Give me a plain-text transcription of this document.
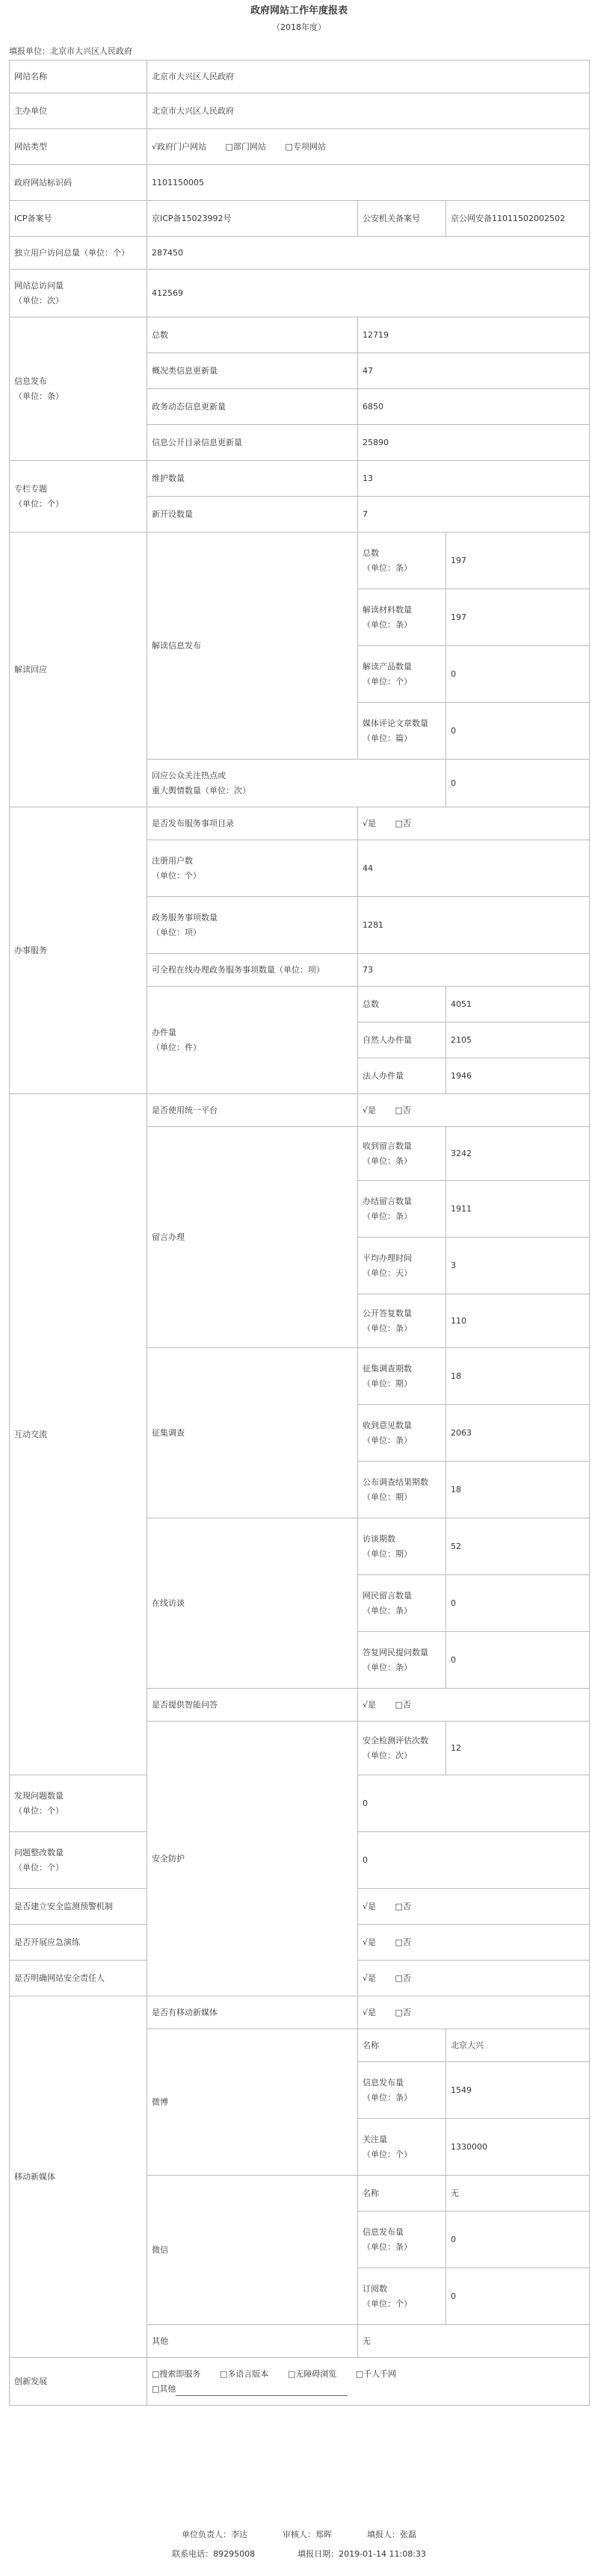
政府网站工作年度报表
（2018年度）
填报单位：北京市大兴区人民政府
网站名称	北京市大兴区人民政府		
主办单位	北京市大兴区人民政府		
网站类型	√政府门户网站 □部门网站 □专项网站		
政府网站标识码	1101150005		
ICP备案号	京ICP备15023992号	公安机关备案号	京公网安备11011502002502
独立用户访问总量（单位：个）	287450		

网站总访问量
（单位：次）	412569		

信息发布
（单位：条）	总数	12719	
	概况类信息更新量	47	
	政务动态信息更新量	6850	
	信息公开目录信息更新量	25890	

专栏专题
（单位：个）	维护数量	13	
	新开设数量	7	
解读回应	解读信息发布	总数
（单位：条）	197

		解读材料数量
（单位：条）	197

		解读产品数量
（单位：个）	0

		媒体评论文章数量
（单位：篇）	0

	回应公众关注热点或
重大舆情数量（单位：次）		0
办事服务	是否发布服务事项目录	√是 □否	

	注册用户数
（单位：个）	44	

	政务服务事项数量
（单位：项）	1281	
	可全程在线办理政务服务事项数量（单位：项）	73	

	办件量
（单位：件）	总数	4051
		自然人办件量	2105
		法人办件量	1946
互动交流	是否使用统一平台	√是 □否	
	留言办理	收到留言数量
（单位：条）	3242

		办结留言数量
（单位：条）	1911

		平均办理时间
（单位：天）	3

		公开答复数量
（单位：条）	110
	征集调查	征集调查期数
（单位：期）	18

		收到意见数量
（单位：条）	2063

		公布调查结果期数
（单位：期）	18
	在线访谈	访谈期数
（单位：期）	52

		网民留言数量
（单位：条）	0

		答复网民提问数量
（单位：条）	0
	是否提供智能问答	√是 □否	
	安全防护	安全检测评估次数
（单位：次）	12

发现问题数量
（单位：个）		0	

问题整改数量
（单位：个）		0	
是否建立安全监测预警机制		√是 □否	
是否开展应急演练		√是 □否	
是否明确网站安全责任人		√是 □否	
移动新媒体	是否有移动新媒体	√是 □否	
	微博	名称	北京大兴

		信息发布量
（单位：条）	1549

		关注量
（单位：个）	1330000
	微信	名称	无

		信息发布量
（单位：条）	0

		订阅数
（单位：个）	0
	其他	无	
创新发展	□搜索即服务 □多语言版本 □无障碍浏览 □千人千网
□其他		
单位负责人：李达	审核人：郑晖	填报人：张磊
联系电话：89295008	填报日期：2019-01-14 11:08:33
